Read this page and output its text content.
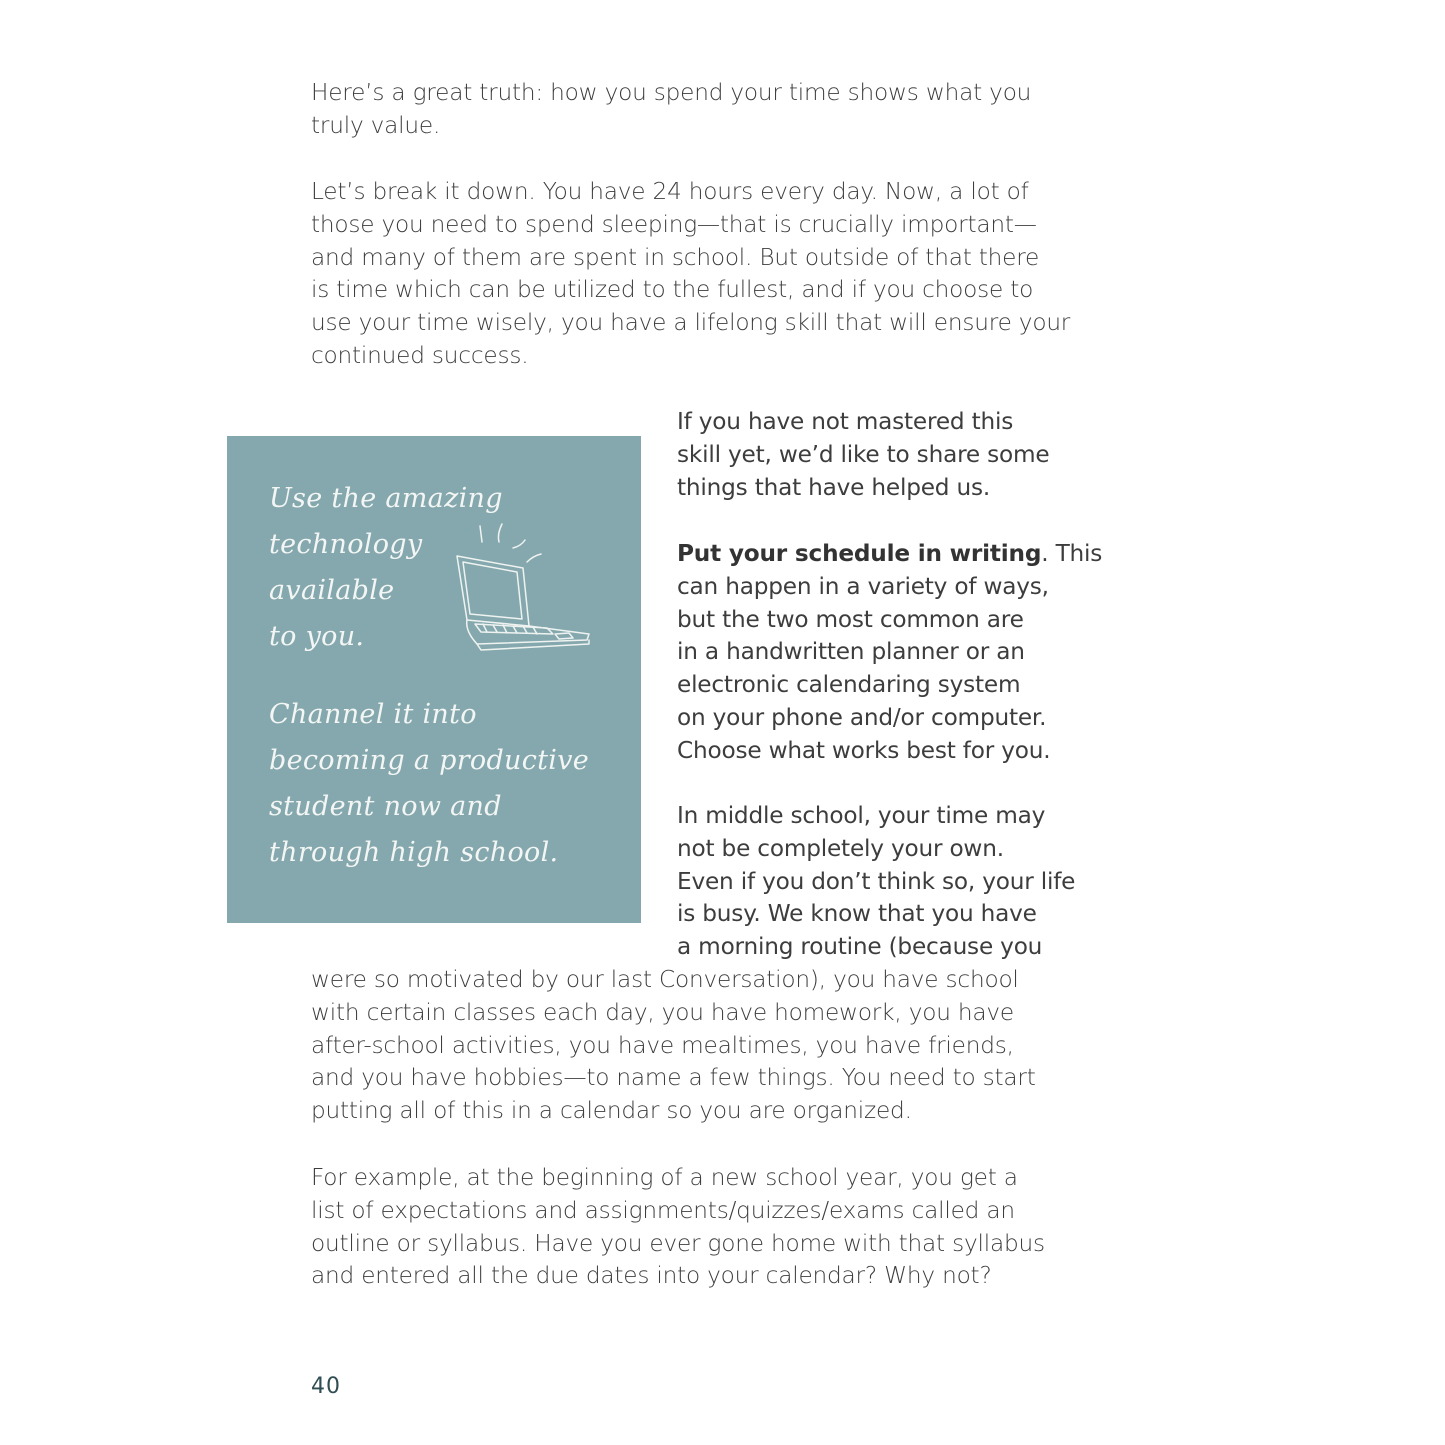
Here’s a great truth: how you spend your time shows what you
truly value.
Let’s break it down. You have 24 hours every day. Now, a lot of
those you need to spend sleeping—that is crucially important—
and many of them are spent in school. But outside of that there
is time which can be utilized to the fullest, and if you choose to
use your time wisely, you have a lifelong skill that will ensure your
continued success.
Use the amazing
technology
available
to you.
Channel it into
becoming a productive
student now and
through high school.
If you have not mastered this
skill yet, we’d like to share some
things that have helped us.
Put your schedule in writing. This
can happen in a variety of ways,
but the two most common are
in a handwritten planner or an
electronic calendaring system
on your phone and/or computer.
Choose what works best for you.
In middle school, your time may
not be completely your own.
Even if you don’t think so, your life
is busy. We know that you have
a morning routine (because you
were so motivated by our last Conversation), you have school
with certain classes each day, you have homework, you have
after-school activities, you have mealtimes, you have friends,
and you have hobbies—to name a few things. You need to start
putting all of this in a calendar so you are organized.
For example, at the beginning of a new school year, you get a
list of expectations and assignments/quizzes/exams called an
outline or syllabus. Have you ever gone home with that syllabus
and entered all the due dates into your calendar? Why not?
40
